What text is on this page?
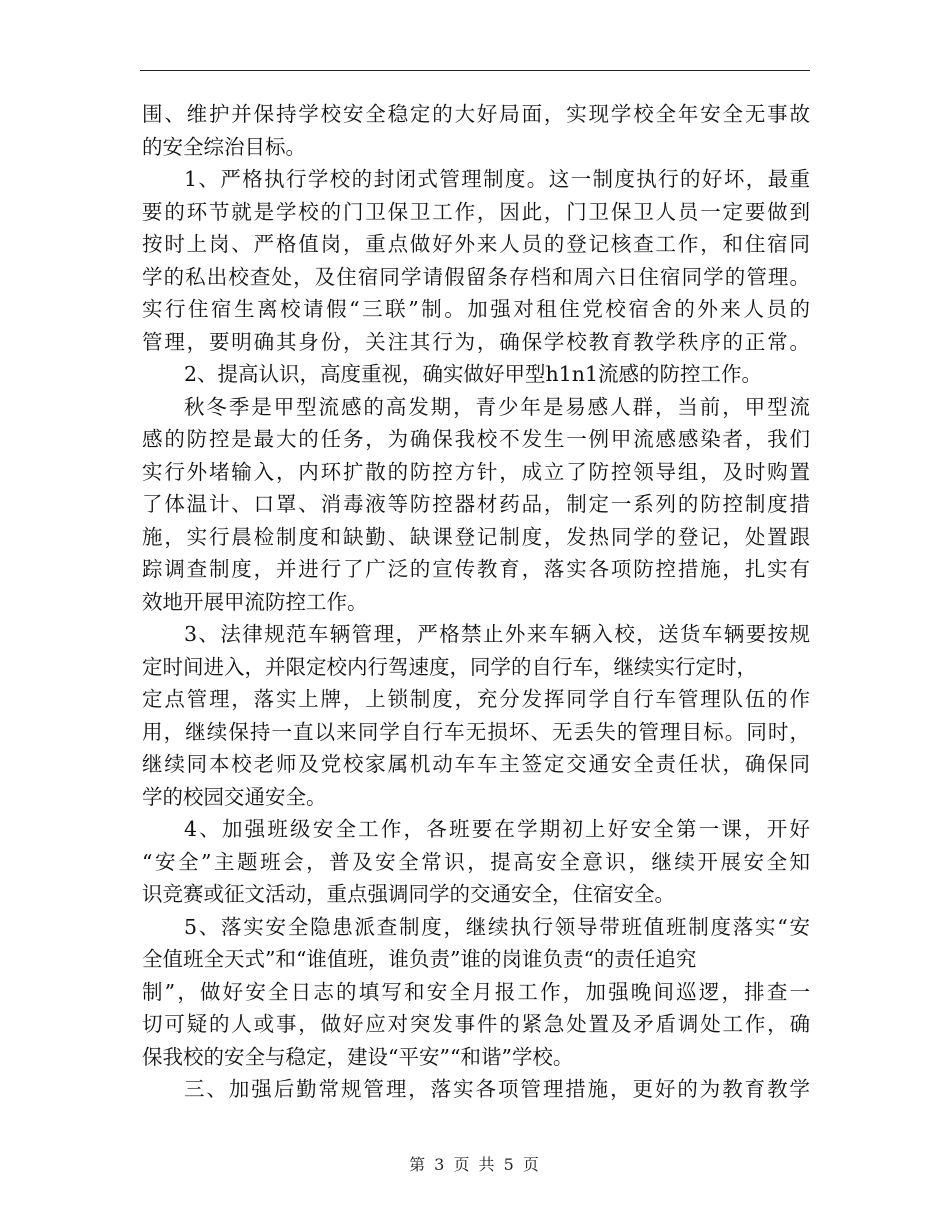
围、维护并保持学校安全稳定的大好局面，实现学校全年安全无事故
的安全综治目标。
1、严格执行学校的封闭式管理制度。这一制度执行的好坏，最重
要的环节就是学校的门卫保卫工作，因此，门卫保卫人员一定要做到
按时上岗、严格值岗，重点做好外来人员的登记核查工作，和住宿同
学的私出校查处，及住宿同学请假留条存档和周六日住宿同学的管理。
实行住宿生离校请假“三联”制。加强对租住党校宿舍的外来人员的
管理，要明确其身份，关注其行为，确保学校教育教学秩序的正常。
2、提高认识，高度重视，确实做好甲型h1n1流感的防控工作。
秋冬季是甲型流感的高发期，青少年是易感人群，当前，甲型流
感的防控是最大的任务，为确保我校不发生一例甲流感感染者，我们
实行外堵输入，内环扩散的防控方针，成立了防控领导组，及时购置
了体温计、口罩、消毒液等防控器材药品，制定一系列的防控制度措
施，实行晨检制度和缺勤、缺课登记制度，发热同学的登记，处置跟
踪调查制度，并进行了广泛的宣传教育，落实各项防控措施，扎实有
效地开展甲流防控工作。
3、法律规范车辆管理，严格禁止外来车辆入校，送货车辆要按规
定时间进入，并限定校内行驾速度，同学的自行车，继续实行定时，
定点管理，落实上牌，上锁制度，充分发挥同学自行车管理队伍的作
用，继续保持一直以来同学自行车无损坏、无丢失的管理目标。同时，
继续同本校老师及党校家属机动车车主签定交通安全责任状，确保同
学的校园交通安全。
4、加强班级安全工作，各班要在学期初上好安全第一课，开好
“安全”主题班会，普及安全常识，提高安全意识，继续开展安全知
识竞赛或征文活动，重点强调同学的交通安全，住宿安全。
5、落实安全隐患派查制度，继续执行领导带班值班制度落实“安
全值班全天式”和“谁值班，谁负责”谁的岗谁负责“的责任追究
制”，做好安全日志的填写和安全月报工作，加强晚间巡逻，排查一
切可疑的人或事，做好应对突发事件的紧急处置及矛盾调处工作，确
保我校的安全与稳定，建设“平安”“和谐”学校。
三、加强后勤常规管理，落实各项管理措施，更好的为教育教学
第 3 页 共 5 页
